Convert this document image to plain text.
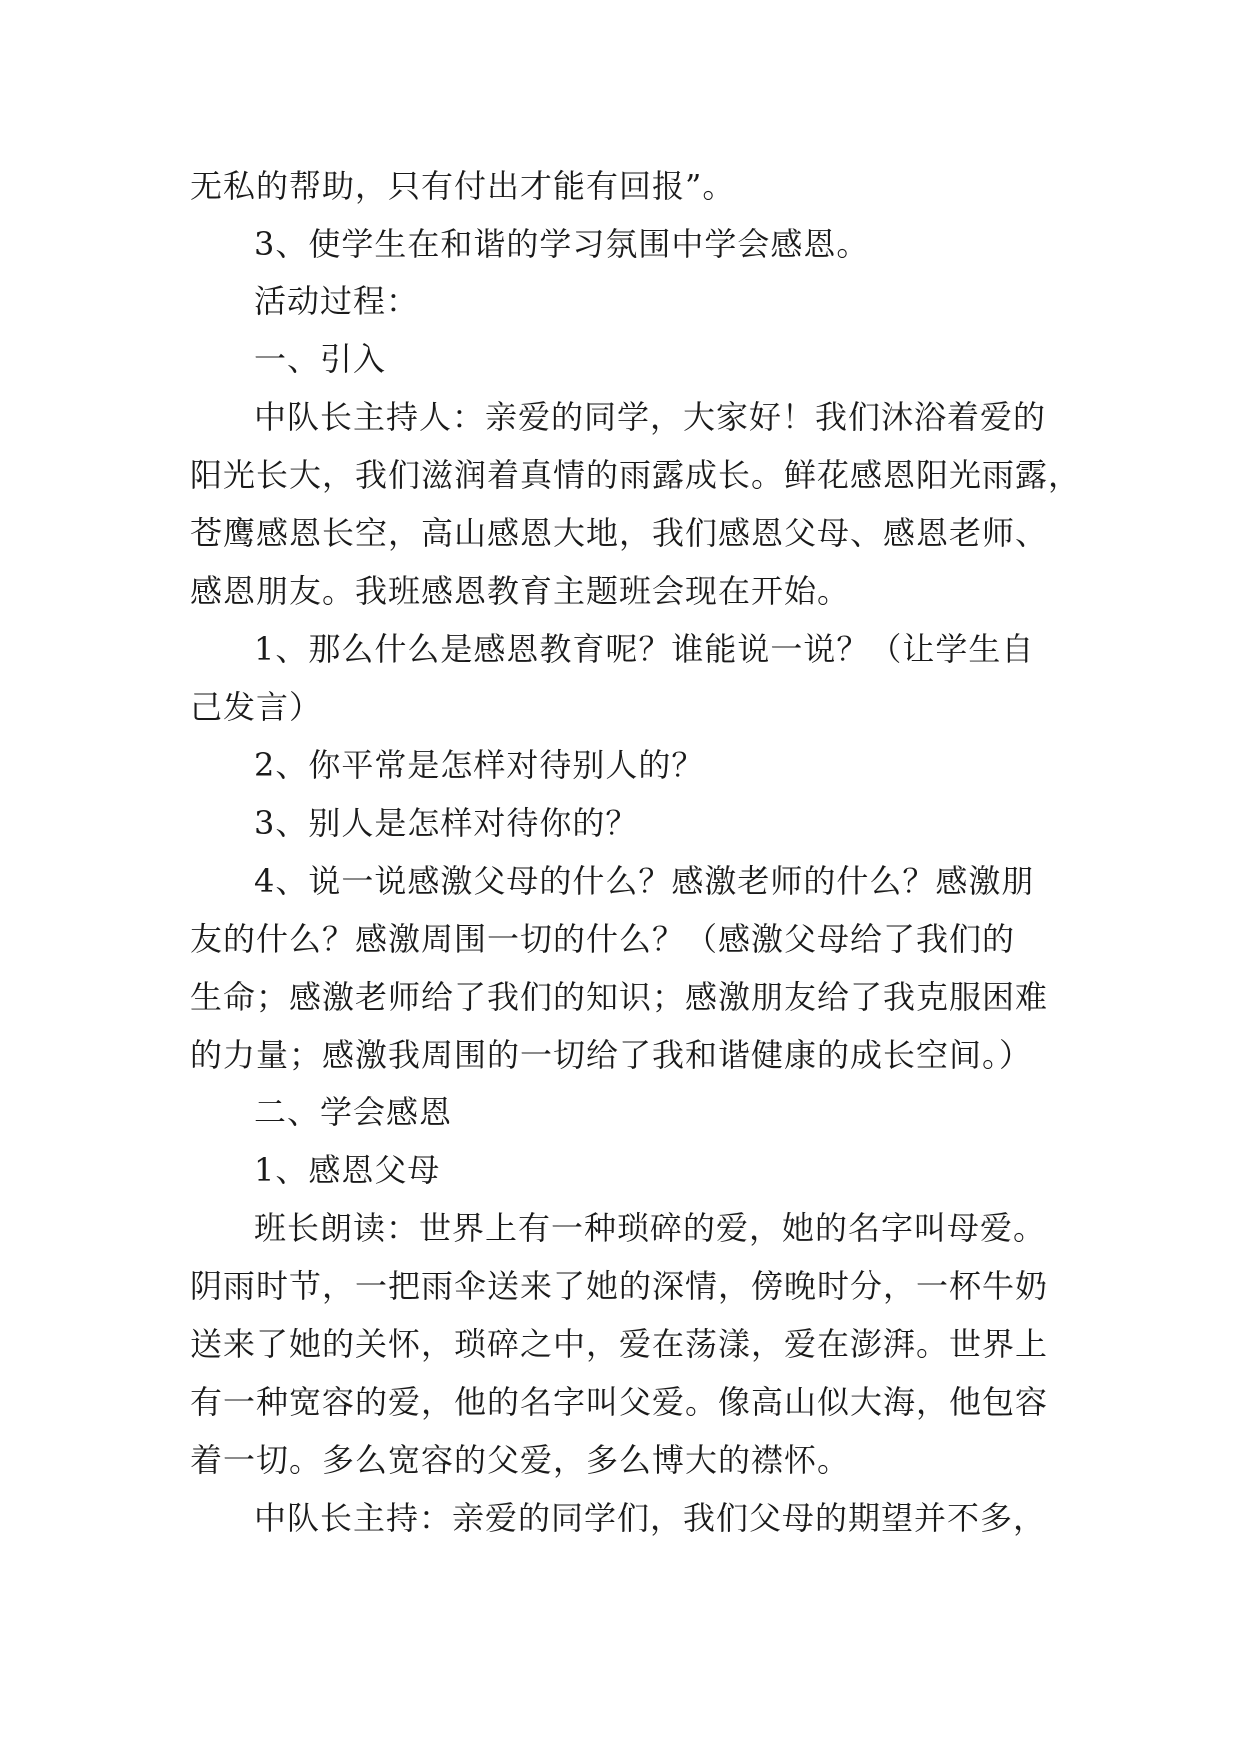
无私的帮助，只有付出才能有回报”。
3、使学生在和谐的学习氛围中学会感恩。
活动过程：
一、引入
中队长主持人：亲爱的同学，大家好！我们沐浴着爱的
阳光长大，我们滋润着真情的雨露成长。鲜花感恩阳光雨露，
苍鹰感恩长空，高山感恩大地，我们感恩父母、感恩老师、
感恩朋友。我班感恩教育主题班会现在开始。
1、那么什么是感恩教育呢？谁能说一说？（让学生自
己发言）
2、你平常是怎样对待别人的？
3、别人是怎样对待你的？
4、说一说感激父母的什么？感激老师的什么？感激朋
友的什么？感激周围一切的什么？（感激父母给了我们的
生命；感激老师给了我们的知识；感激朋友给了我克服困难
的力量；感激我周围的一切给了我和谐健康的成长空间。）
二、学会感恩
1、感恩父母
班长朗读：世界上有一种琐碎的爱，她的名字叫母爱。
阴雨时节，一把雨伞送来了她的深情，傍晚时分，一杯牛奶
送来了她的关怀，琐碎之中，爱在荡漾，爱在澎湃。世界上
有一种宽容的爱，他的名字叫父爱。像高山似大海，他包容
着一切。多么宽容的父爱，多么博大的襟怀。
中队长主持：亲爱的同学们，我们父母的期望并不多，
